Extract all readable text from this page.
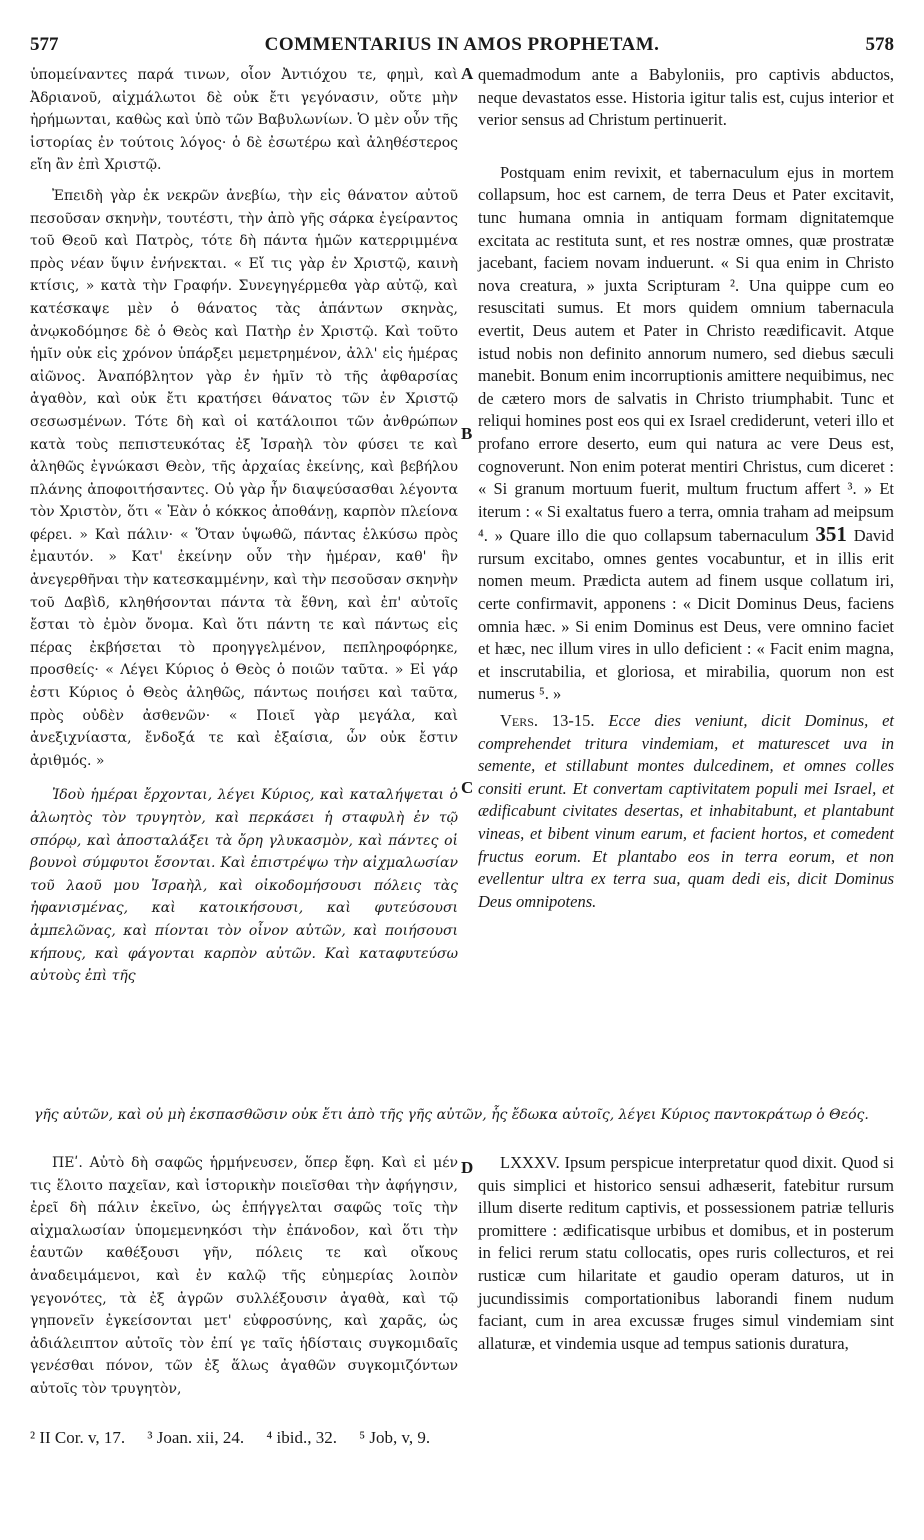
577	COMMENTARIUS IN AMOS PROPHETAM.	578
A
B
C
D

ὑπομείναντες παρά τινων, οἷον Ἀντιόχου τε, φημὶ, καὶ Ἀδριανοῦ, αἰχμάλωτοι δὲ οὐκ ἔτι γεγόνασιν, οὔτε μὴν ἠρήμωνται, καθὼς καὶ ὑπὸ τῶν Βαβυλωνίων. Ὁ μὲν οὖν τῆς ἱστορίας ἐν τούτοις λόγος· ὁ δὲ ἐσωτέρω καὶ ἀληθέστερος εἴη ἂν ἐπὶ Χριστῷ.

Ἐπειδὴ γὰρ ἐκ νεκρῶν ἀνεβίω, τὴν εἰς θάνατον αὐτοῦ πεσοῦσαν σκηνὴν, τουτέστι, τὴν ἀπὸ γῆς σάρκα ἐγείραντος τοῦ Θεοῦ καὶ Πατρὸς, τότε δὴ πάντα ἡμῶν κατερριμμένα πρὸς νέαν ὕψιν ἐνήνεκται. « Εἴ τις γὰρ ἐν Χριστῷ, καινὴ κτίσις, » κατὰ τὴν Γραφήν. Συνεγηγέρμεθα γὰρ αὐτῷ, καὶ κατέσκαψε μὲν ὁ θάνατος τὰς ἁπάντων σκηνὰς, ἀνῳκοδόμησε δὲ ὁ Θεὸς καὶ Πατὴρ ἐν Χριστῷ. Καὶ τοῦτο ἡμῖν οὐκ εἰς χρόνον ὑπάρξει μεμετρημένον, ἀλλ' εἰς ἡμέρας αἰῶνος. Ἀναπόβλητον γὰρ ἐν ἡμῖν τὸ τῆς ἀφθαρσίας ἀγαθὸν, καὶ οὐκ ἔτι κρατήσει θάνατος τῶν ἐν Χριστῷ σεσωσμένων. Τότε δὴ καὶ οἱ κατάλοιποι τῶν ἀνθρώπων κατὰ τοὺς πεπιστευκότας ἐξ Ἰσραὴλ τὸν φύσει τε καὶ ἀληθῶς ἐγνώκασι Θεὸν, τῆς ἀρχαίας ἐκείνης, καὶ βεβήλου πλάνης ἀποφοιτήσαντες. Οὐ γὰρ ἦν διαψεύσασθαι λέγοντα τὸν Χριστὸν, ὅτι « Ἐὰν ὁ κόκκος ἀποθάνῃ, καρπὸν πλείονα φέρει. » Καὶ πάλιν· « Ὅταν ὑψωθῶ, πάντας ἑλκύσω πρὸς ἐμαυτόν. » Κατ' ἐκείνην οὖν τὴν ἡμέραν, καθ' ἣν ἀνεγερθῆναι τὴν κατεσκαμμένην, καὶ τὴν πεσοῦσαν σκηνὴν τοῦ Δαβὶδ, κληθήσονται πάντα τὰ ἔθνη, καὶ ἐπ' αὐτοῖς ἔσται τὸ ἐμὸν ὄνομα. Καὶ ὅτι πάντη τε καὶ πάντως εἰς πέρας ἐκβήσεται τὸ προηγγελμένον, πεπληροφόρηκε, προσθείς· « Λέγει Κύριος ὁ Θεὸς ὁ ποιῶν ταῦτα. » Εἰ γάρ ἐστι Κύριος ὁ Θεὸς ἀληθῶς, πάντως ποιήσει καὶ ταῦτα, πρὸς οὐδὲν ἀσθενῶν· « Ποιεῖ γὰρ μεγάλα, καὶ ἀνεξιχνίαστα, ἔνδοξά τε καὶ ἐξαίσια, ὧν οὐκ ἔστιν ἀριθμός. »

Ἰδοὺ ἡμέραι ἔρχονται, λέγει Κύριος, καὶ καταλήψεται ὁ ἀλωητὸς τὸν τρυγητὸν, καὶ περκάσει ἡ σταφυλὴ ἐν τῷ σπόρῳ, καὶ ἀποσταλάξει τὰ ὄρη γλυκασμὸν, καὶ πάντες οἱ βουνοὶ σύμφυτοι ἔσονται. Καὶ ἐπιστρέψω τὴν αἰχμαλωσίαν τοῦ λαοῦ μου Ἰσραὴλ, καὶ οἰκοδομήσουσι πόλεις τὰς ἠφανισμένας, καὶ κατοικήσουσι, καὶ φυτεύσουσι ἀμπελῶνας, καὶ πίονται τὸν οἶνον αὐτῶν, καὶ ποιήσουσι κήπους, καὶ φάγονται καρπὸν αὐτῶν. Καὶ καταφυτεύσω αὐτοὺς ἐπὶ τῆς

quemadmodum ante a Babyloniis, pro captivis abductos, neque devastatos esse. Historia igitur talis est, cujus interior et verior sensus ad Christum pertinuerit.

Postquam enim revixit, et tabernaculum ejus in mortem collapsum, hoc est carnem, de terra Deus et Pater excitavit, tunc humana omnia in antiquam formam dignitatemque excitata ac restituta sunt, et res nostræ omnes, quæ prostratæ jacebant, faciem novam induerunt. « Si qua enim in Christo nova creatura, » juxta Scripturam ². Una quippe cum eo resuscitati sumus. Et mors quidem omnium tabernacula evertit, Deus autem et Pater in Christo reædificavit. Atque istud nobis non definito annorum numero, sed diebus sæculi manebit. Bonum enim incorruptionis amittere nequibimus, nec de cætero mors de salvatis in Christo triumphabit. Tunc et reliqui homines post eos qui ex Israel crediderunt, veteri illo et profano errore deserto, eum qui natura ac vere Deus est, cognoverunt. Non enim poterat mentiri Christus, cum diceret : « Si granum mortuum fuerit, multum fructum affert ³. » Et iterum : « Si exaltatus fuero a terra, omnia traham ad meipsum ⁴. » Quare illo die quo collapsum tabernaculum 351 David rursum excitabo, omnes gentes vocabuntur, et in illis erit nomen meum. Prædicta autem ad finem usque collatum iri, certe confirmavit, apponens : « Dicit Dominus Deus, faciens omnia hæc. » Si enim Dominus est Deus, vere omnino faciet et hæc, nec illum vires in ullo deficient : « Facit enim magna, et inscrutabilia, et gloriosa, et mirabilia, quorum non est numerus ⁵. »

Vers. 13-15. Ecce dies veniunt, dicit Dominus, et comprehendet tritura vindemiam, et maturescet uva in semente, et stillabunt montes dulcedinem, et omnes colles consiti erunt. Et convertam captivitatem populi mei Israel, et ædificabunt civitates desertas, et inhabitabunt, et plantabunt vineas, et bibent vinum earum, et facient hortos, et comedent fructus eorum. Et plantabo eos in terra eorum, et non evellentur ultra ex terra sua, quam dedi eis, dicit Dominus Deus omnipotens.

γῆς αὐτῶν, καὶ οὐ μὴ ἐκσπασθῶσιν οὐκ ἔτι ἀπὸ τῆς γῆς αὐτῶν, ἧς ἔδωκα αὐτοῖς, λέγει Κύριος παντοκράτωρ ὁ Θεός.

ΠΕʹ. Αὐτὸ δὴ σαφῶς ἡρμήνευσεν, ὅπερ ἔφη. Καὶ εἰ μέν τις ἕλοιτο παχεῖαν, καὶ ἱστορικὴν ποιεῖσθαι τὴν ἀφήγησιν, ἐρεῖ δὴ πάλιν ἐκεῖνο, ὡς ἐπήγγελται σαφῶς τοῖς τὴν αἰχμαλωσίαν ὑπομεμενηκόσι τὴν ἐπάνοδον, καὶ ὅτι τὴν ἑαυτῶν καθέξουσι γῆν, πόλεις τε καὶ οἴκους ἀναδειμάμενοι, καὶ ἐν καλῷ τῆς εὐημερίας λοιπὸν γεγονότες, τὰ ἐξ ἀγρῶν συλλέξουσιν ἀγαθὰ, καὶ τῷ γηπονεῖν ἐγκείσονται μετ' εὐφροσύνης, καὶ χαρᾶς, ὡς ἀδιάλειπτον αὐτοῖς τὸν ἐπί γε ταῖς ἡδίσταις συγκομιδαῖς γενέσθαι πόνον, τῶν ἐξ ἅλως ἀγαθῶν συγκομιζόντων αὐτοῖς τὸν τρυγητὸν,

LXXXV. Ipsum perspicue interpretatur quod dixit. Quod si quis simplici et historico sensui adhæserit, fatebitur rursum illum diserte reditum captivis, et possessionem patriæ telluris promittere : ædificatisque urbibus et domibus, et in posterum in felici rerum statu collocatis, opes ruris collecturos, et rei rusticæ cum hilaritate et gaudio operam daturos, ut in jucundissimis comportationibus laborandi finem nudum faciant, cum in area excussæ fruges simul vindemiam sint allaturæ, et vindemia usque ad tempus sationis duratura,

² II Cor. v, 17. ³ Joan. xii, 24. ⁴ ibid., 32. ⁵ Job, v, 9.
